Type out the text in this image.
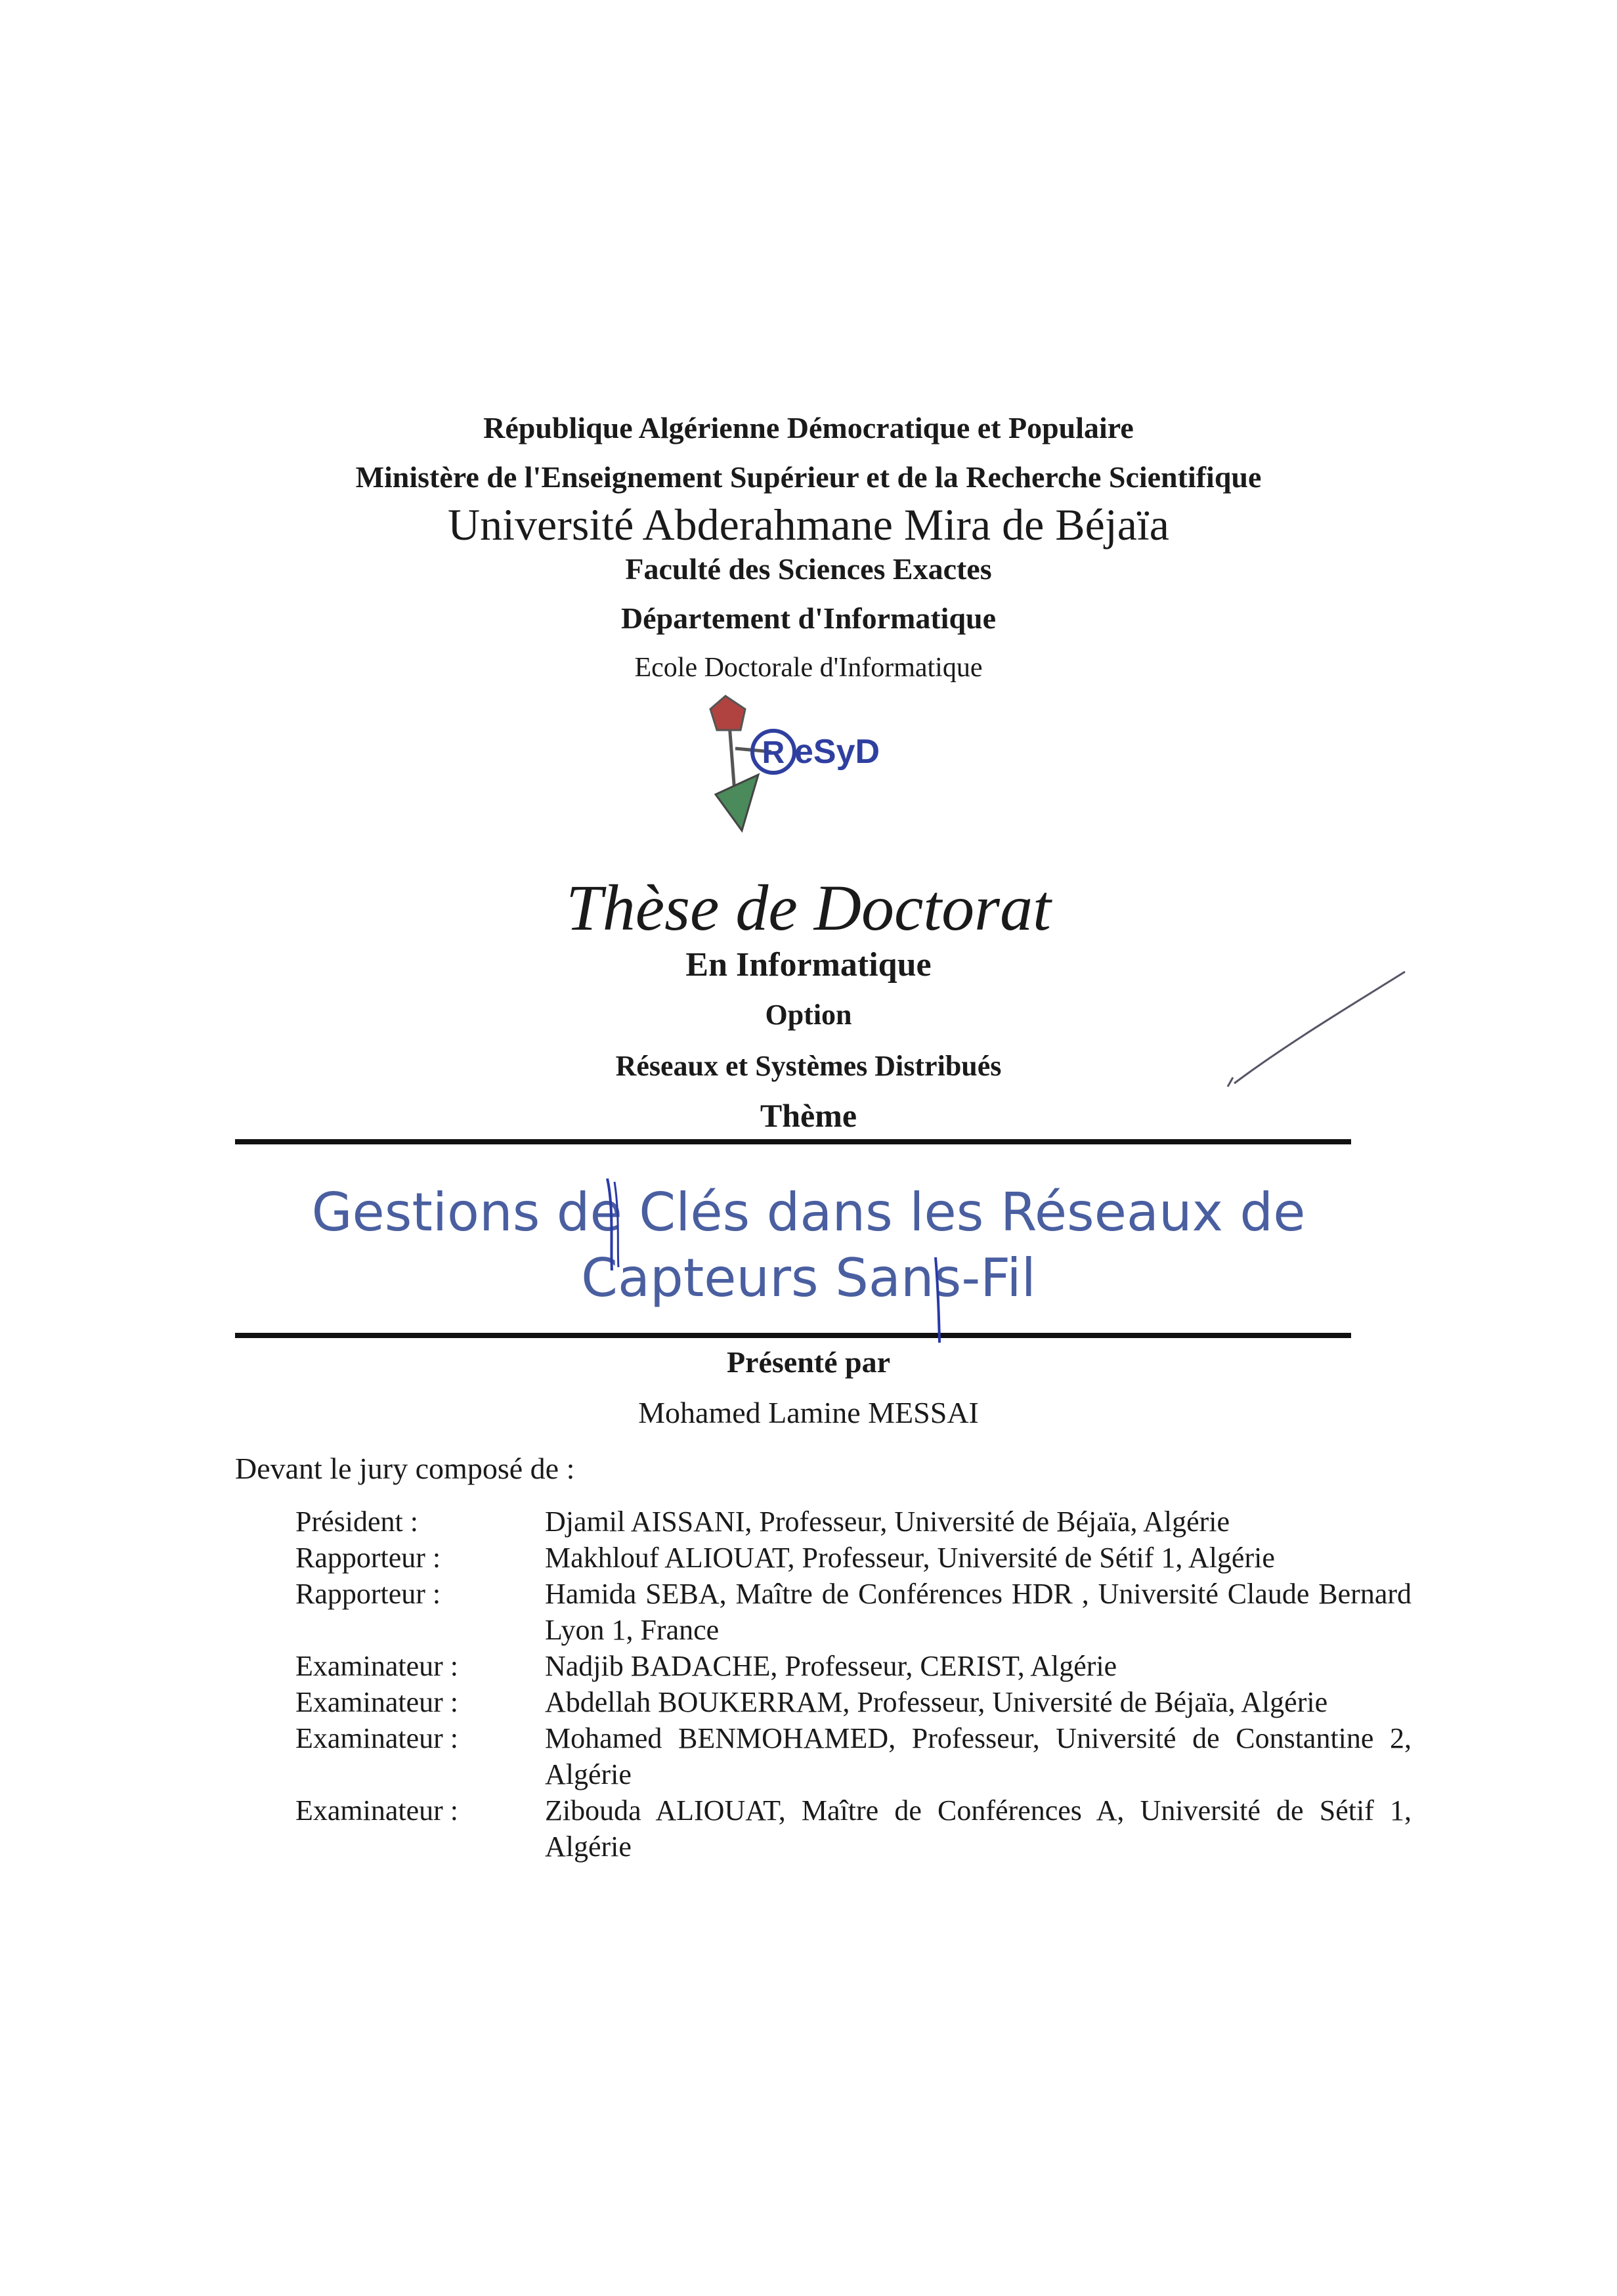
République Algérienne Démocratique et Populaire
Ministère de l'Enseignement Supérieur et de la Recherche Scientifique
Université Abderahmane Mira de Béjaïa
Faculté des Sciences Exactes
Département d'Informatique
Ecole Doctorale d'Informatique
R eSyD
Thèse de Doctorat
En Informatique
Option
Réseaux et Systèmes Distribués
Thème
Gestions de Clés dans les Réseaux de
Capteurs Sans-Fil
Présenté par
Mohamed Lamine MESSAI
Devant le jury composé de :
Président :	Djamil AISSANI, Professeur, Université de Béjaïa, Algérie
Rapporteur :	Makhlouf ALIOUAT, Professeur, Université de Sétif 1, Algérie
Rapporteur :	Hamida SEBA, Maître de Conférences HDR , Université Claude Bernard Lyon 1, France
Examinateur :	Nadjib BADACHE, Professeur, CERIST, Algérie
Examinateur :	Abdellah BOUKERRAM, Professeur, Université de Béjaïa, Algérie
Examinateur :	Mohamed BENMOHAMED, Professeur, Université de Constantine 2, Algérie
Examinateur :	Zibouda ALIOUAT, Maître de Conférences A, Université de Sétif 1, Algérie
